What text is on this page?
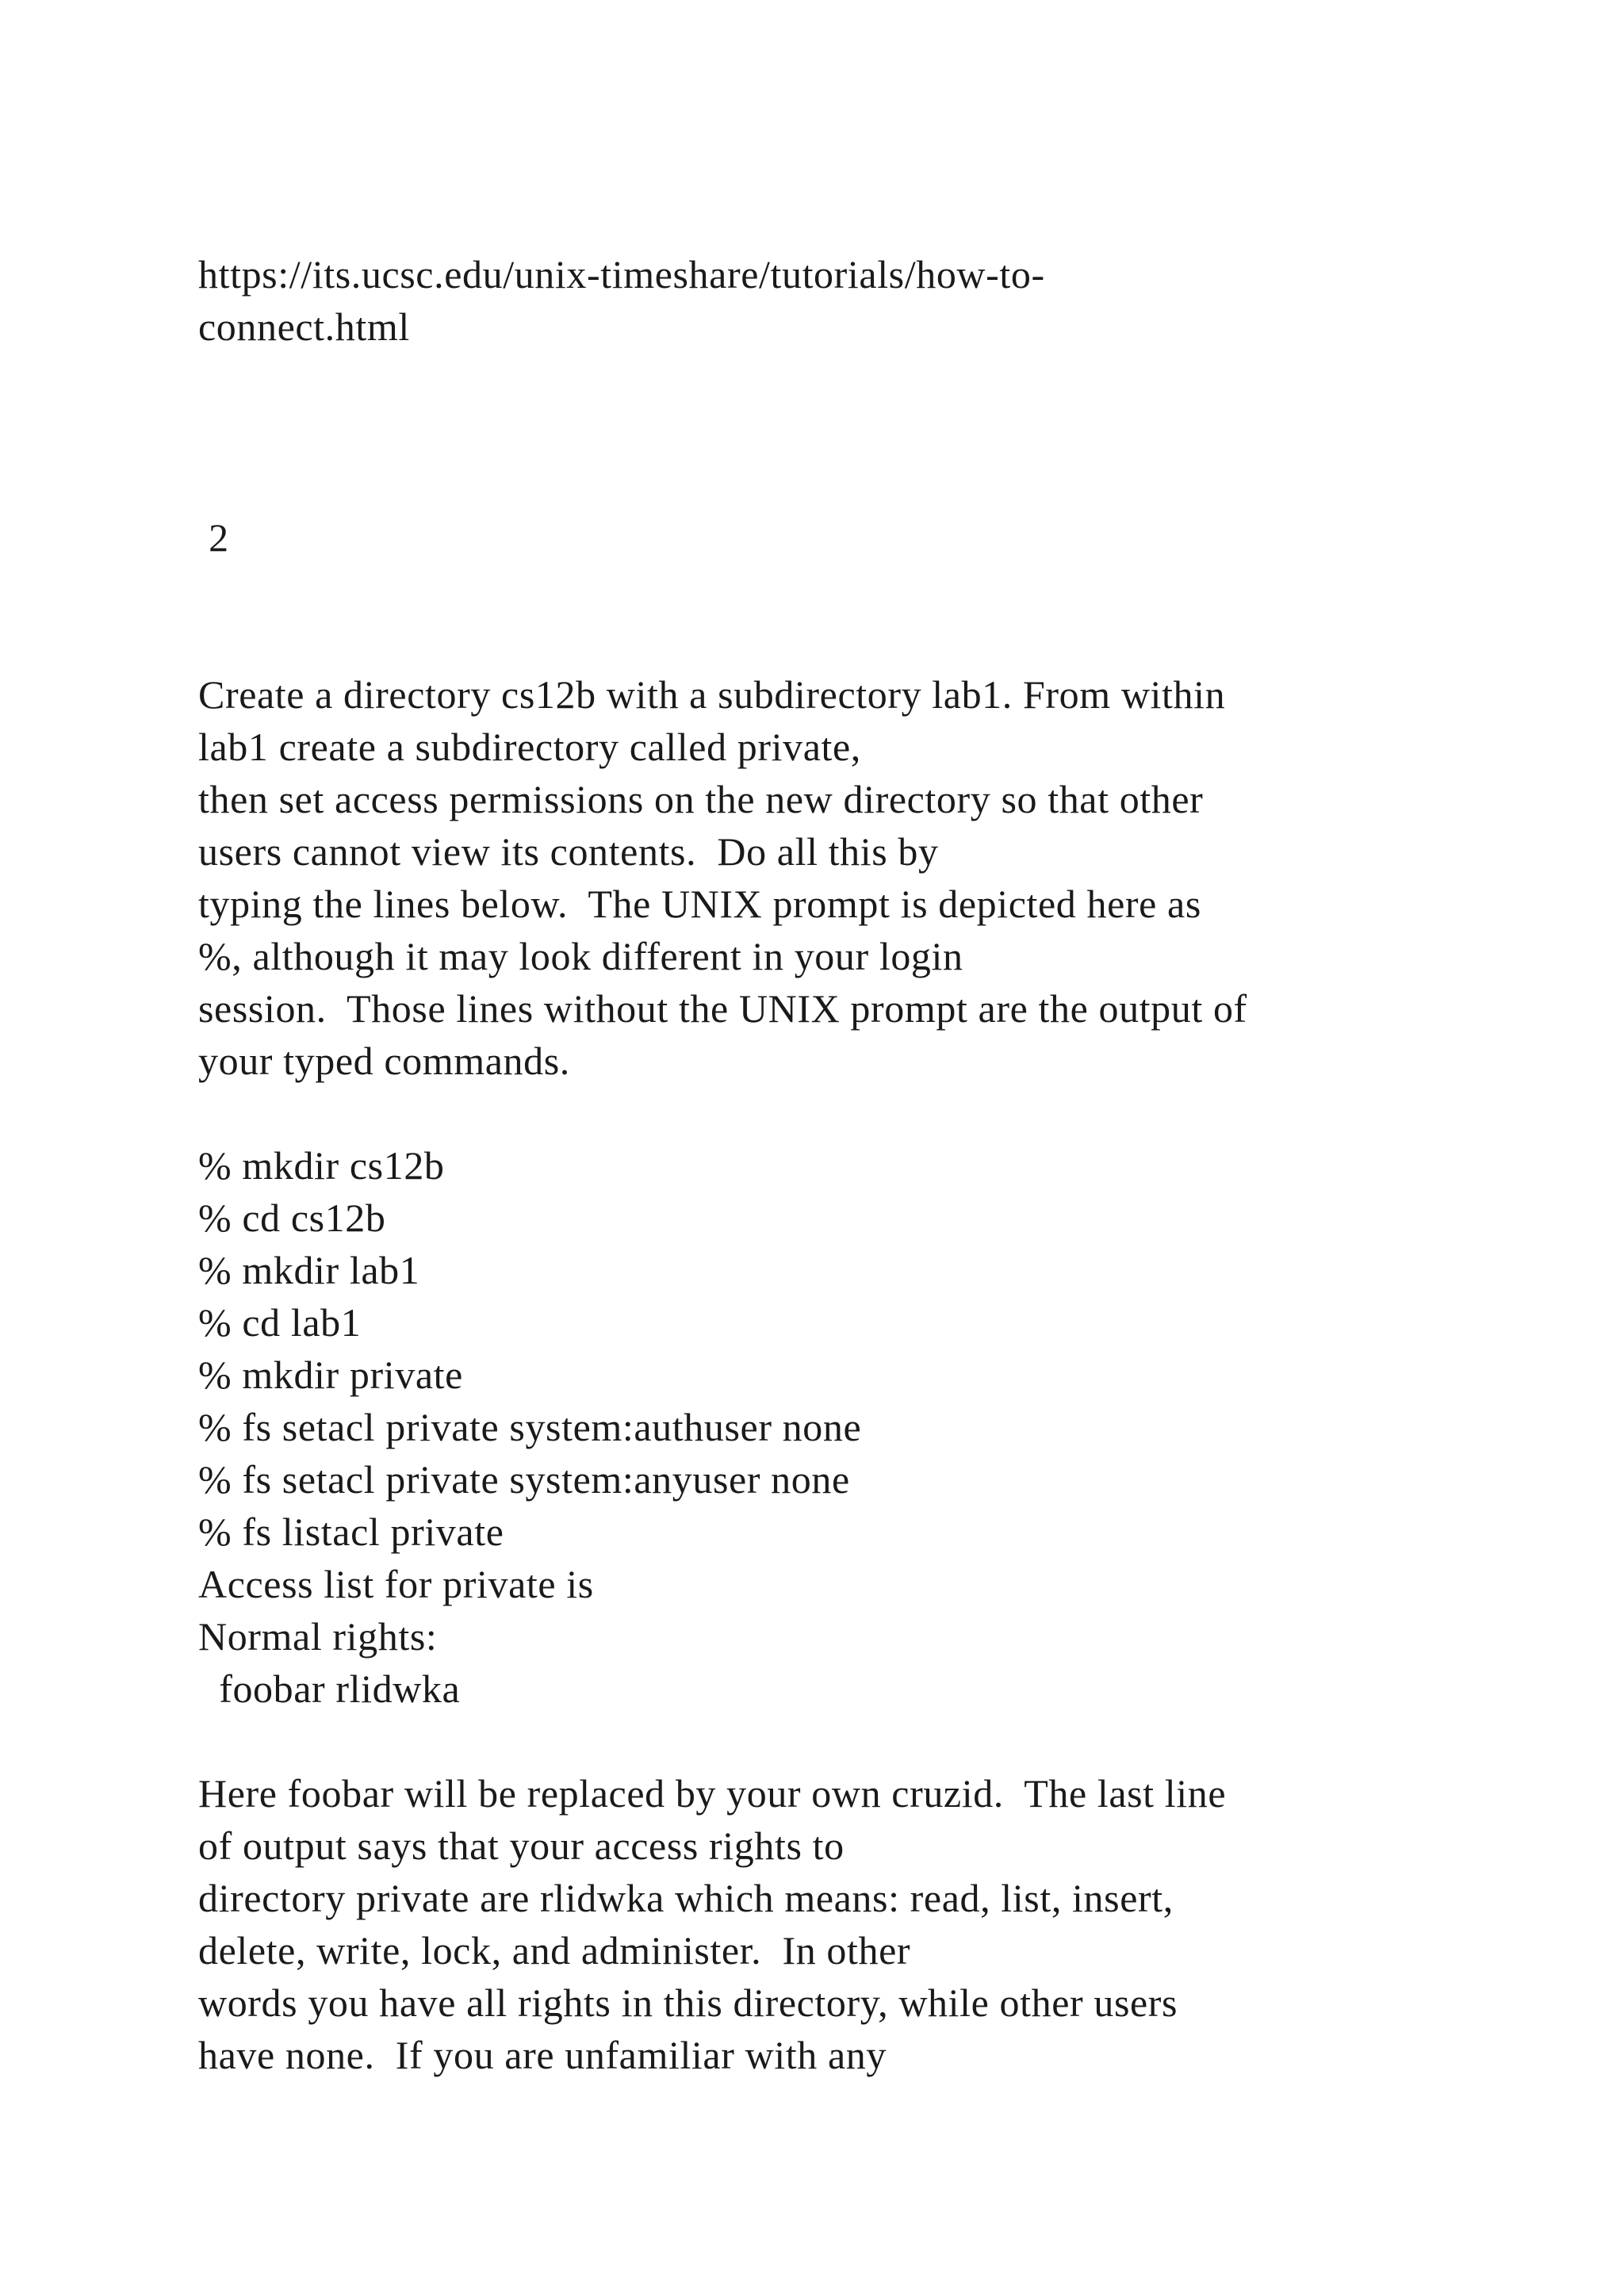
https://its.ucsc.edu/unix-timeshare/tutorials/how-to-
connect.html
2
Create a directory cs12b with a subdirectory lab1. From within
lab1 create a subdirectory called private,
then set access permissions on the new directory so that other
users cannot view its contents.  Do all this by
typing the lines below.  The UNIX prompt is depicted here as
%, although it may look different in your login
session.  Those lines without the UNIX prompt are the output of
your typed commands.
% mkdir cs12b
% cd cs12b
% mkdir lab1
% cd lab1
% mkdir private
% fs setacl private system:authuser none
% fs setacl private system:anyuser none
% fs listacl private
Access list for private is
Normal rights:
foobar rlidwka
Here foobar will be replaced by your own cruzid.  The last line
of output says that your access rights to
directory private are rlidwka which means: read, list, insert,
delete, write, lock, and administer.  In other
words you have all rights in this directory, while other users
have none.  If you are unfamiliar with any
